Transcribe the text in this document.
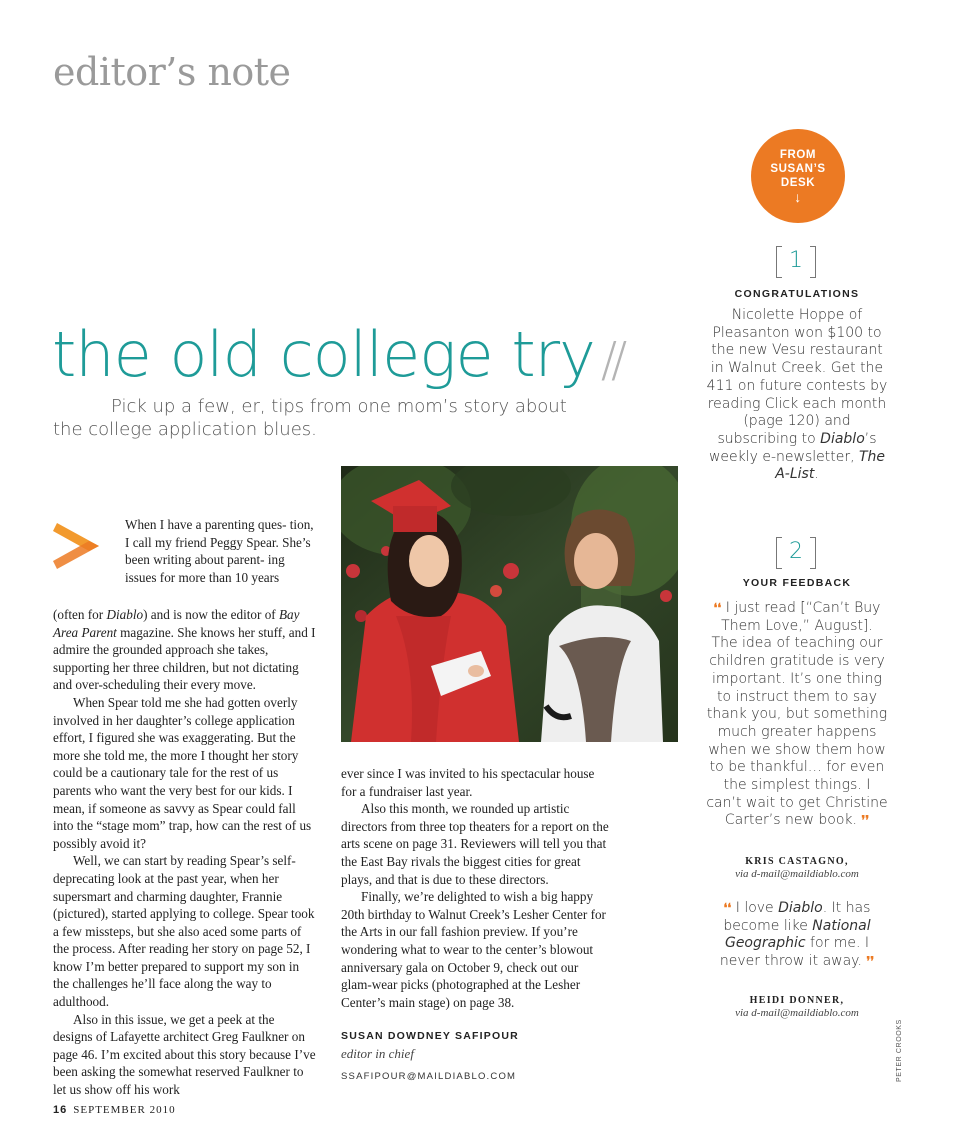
editor’s note
FROM
SUSAN’S
DESK
↓
the old college try //

Pick up a few, er, tips from one mom’s story about the college application blues.

When I have a parenting ques- tion, I call my friend Peggy Spear. She’s been writing about parent- ing issues for more than 10 years

(often for Diablo) and is now the editor of Bay Area Parent magazine. She knows her stuff, and I admire the grounded approach she takes, supporting her three children, but not dictating and over-scheduling their every move.

When Spear told me she had gotten overly involved in her daughter’s college application effort, I figured she was exaggerating. But the more she told me, the more I thought her story could be a cautionary tale for the rest of us parents who want the very best for our kids. I mean, if someone as savvy as Spear could fall into the “stage mom” trap, how can the rest of us possibly avoid it?

Well, we can start by reading Spear’s self-deprecating look at the past year, when her supersmart and charming daughter, Frannie (pictured), started applying to college. Spear took a few missteps, but she also aced some parts of the process. After reading her story on page 52, I know I’m better prepared to support my son in the challenges he’ll face along the way to adulthood.

Also in this issue, we get a peek at the designs of Lafayette architect Greg Faulkner on page 46. I’m excited about this story because I’ve been asking the somewhat reserved Faulkner to let us show off his work

ever since I was invited to his spectacular house for a fundraiser last year.

Also this month, we rounded up artistic directors from three top theaters for a report on the arts scene on page 31. Reviewers will tell you that the East Bay rivals the biggest cities for great plays, and that is due to these directors.

Finally, we’re delighted to wish a big happy 20th birthday to Walnut Creek’s Lesher Center for the Arts in our fall fashion preview. If you’re wondering what to wear to the center’s blowout anniversary gala on October 9, check out our glam-wear picks (photographed at the Lesher Center’s main stage) on page 38.

SUSAN DOWDNEY SAFIPOUR
editor in chief
SSAFIPOUR@MAILDIABLO.COM
16 SEPTEMBER 2010
PETER CROOKS
1
CONGRATULATIONS
Nicolette Hoppe of Pleasanton won $100 to the new Vesu restaurant in Walnut Creek. Get the 411 on future contests by reading Click each month (page 120) and subscribing to Diablo’s weekly e-newsletter, The A-List.
2
YOUR FEEDBACK
❛❛ I just read [“Can’t Buy Them Love,” August]. The idea of teaching our children gratitude is very important. It’s one thing to instruct them to say thank you, but something much greater happens when we show them how to be thankful… for even the simplest things. I can’t wait to get Christine Carter’s new book. ❜❜
KRIS CASTAGNO,
via d-mail@maildiablo.com
❛❛ I love Diablo. It has become like National Geographic for me. I never throw it away. ❜❜
HEIDI DONNER,
via d-mail@maildiablo.com
